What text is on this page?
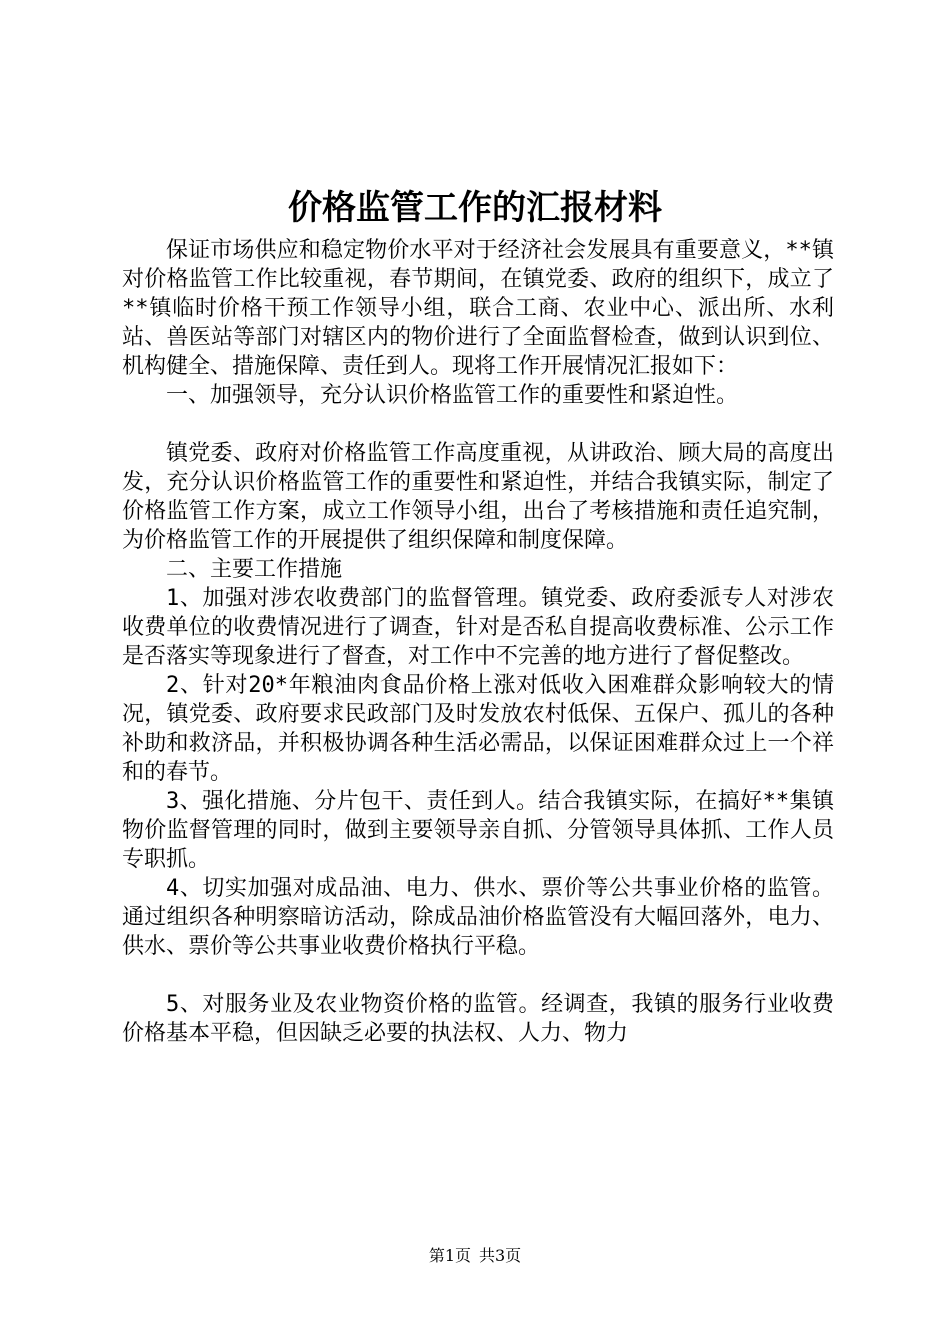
价格监管工作的汇报材料

保证市场供应和稳定物价水平对于经济社会发展具有重要意义，**镇对价格监管工作比较重视，春节期间，在镇党委、政府的组织下，成立了**镇临时价格干预工作领导小组，联合工商、农业中心、派出所、水利站、兽医站等部门对辖区内的物价进行了全面监督检查，做到认识到位、机构健全、措施保障、责任到人。现将工作开展情况汇报如下：

一、加强领导，充分认识价格监管工作的重要性和紧迫性。

镇党委、政府对价格监管工作高度重视，从讲政治、顾大局的高度出发，充分认识价格监管工作的重要性和紧迫性，并结合我镇实际，制定了价格监管工作方案，成立工作领导小组，出台了考核措施和责任追究制，为价格监管工作的开展提供了组织保障和制度保障。

二、主要工作措施

1、加强对涉农收费部门的监督管理。镇党委、政府委派专人对涉农收费单位的收费情况进行了调查，针对是否私自提高收费标准、公示工作是否落实等现象进行了督查，对工作中不完善的地方进行了督促整改。

2、针对20*年粮油肉食品价格上涨对低收入困难群众影响较大的情况，镇党委、政府要求民政部门及时发放农村低保、五保户、孤儿的各种补助和救济品，并积极协调各种生活必需品，以保证困难群众过上一个祥和的春节。

3、强化措施、分片包干、责任到人。结合我镇实际，在搞好**集镇物价监督管理的同时，做到主要领导亲自抓、分管领导具体抓、工作人员专职抓。

4、切实加强对成品油、电力、供水、票价等公共事业价格的监管。通过组织各种明察暗访活动，除成品油价格监管没有大幅回落外，电力、供水、票价等公共事业收费价格执行平稳。

5、对服务业及农业物资价格的监管。经调查，我镇的服务行业收费价格基本平稳，但因缺乏必要的执法权、人力、物力

第1页 共3页
